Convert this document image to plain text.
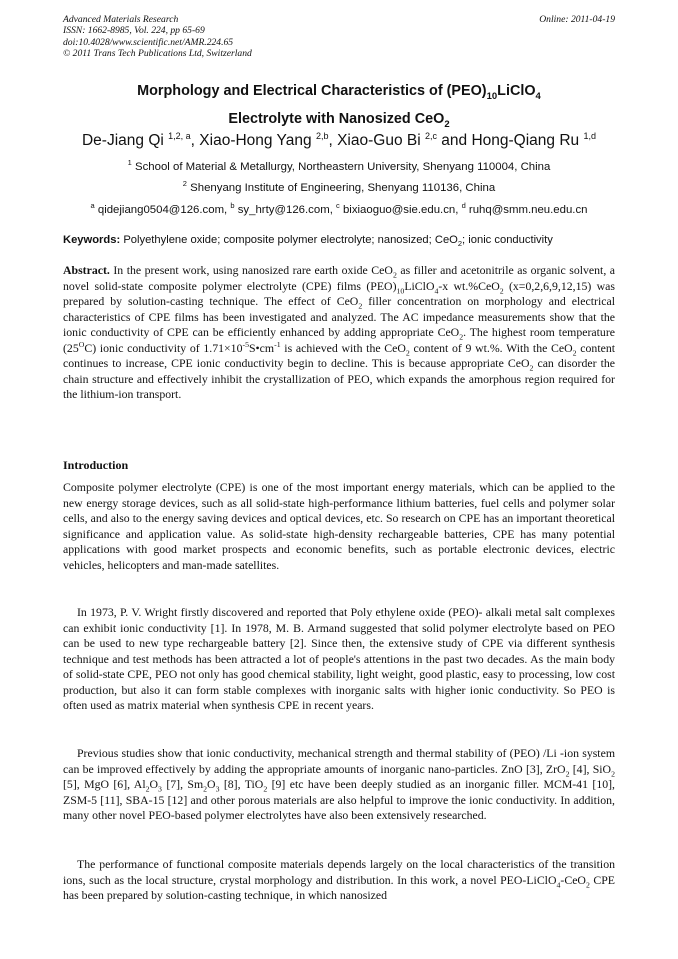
Advanced Materials Research
ISSN: 1662-8985, Vol. 224, pp 65-69
doi:10.4028/www.scientific.net/AMR.224.65
© 2011 Trans Tech Publications Ltd, Switzerland
Online: 2011-04-19
Morphology and Electrical Characteristics of $(PEO)_{10}LiClO_4$
Electrolyte with Nanosized CeO$_2$
De-Jiang Qi $^{1,2, a}$, Xiao-Hong Yang $^{2,b}$, Xiao-Guo Bi $^{2,c}$ and Hong-Qiang Ru $^{1,d}$
$^1$ School of Material & Metallurgy, Northeastern University, Shenyang 110004, China
$^2$ Shenyang Institute of Engineering, Shenyang 110136, China
$^a$ qidejiang0504@126.com, $^b$ sy_hrty@126.com, $^c$ bixiaoguo@sie.edu.cn, $^d$ ruhq@smm.neu.edu.cn
Keywords: Polyethylene oxide; composite polymer electrolyte; nanosized; CeO$_2$; ionic conductivity
Abstract. In the present work, using nanosized rare earth oxide CeO$_2$ as filler and acetonitrile as organic solvent, a novel solid-state composite polymer electrolyte (CPE) films $(PEO)_{10}LiClO_4-x$ wt.%CeO$_2$ (x=0,2,6,9,12,15) was prepared by solution-casting technique. The effect of CeO$_2$ filler concentration on morphology and electrical characteristics of CPE films has been investigated and analyzed. The AC impedance measurements show that the ionic conductivity of CPE can be efficiently enhanced by adding appropriate CeO$_2$. The highest room temperature $(25^OC)$ ionic conductivity of $1.71\times 10^{-5}S•cm^{-1}$ is achieved with the CeO$_2$ content of 9 wt.%. With the CeO$_2$ content continues to increase, CPE ionic conductivity begin to decline. This is because appropriate CeO$_2$ can disorder the chain structure and effectively inhibit the crystallization of PEO, which expands the amorphous region required for the lithium-ion transport.
Introduction
Composite polymer electrolyte (CPE) is one of the most important energy materials, which can be applied to the new energy storage devices, such as all solid-state high-performance lithium batteries, fuel cells and polymer solar cells, and also to the energy saving devices and optical devices, etc. So research on CPE has an important theoretical significance and application value. As solid-state high-density rechargeable batteries, CPE has many potential applications with good market prospects and economic benefits, such as portable electronic devices, electric vehicles, helicopters and man-made satellites.
In 1973, P. V. Wright firstly discovered and reported that Poly ethylene oxide (PEO)- alkali metal salt complexes can exhibit ionic conductivity [1]. In 1978, M. B. Armand suggested that solid polymer electrolyte based on PEO can be used to new type rechargeable battery [2]. Since then, the extensive study of CPE via different synthesis technique and test methods has been attracted a lot of people's attentions in the past two decades. As the main body of solid-state CPE, PEO not only has good chemical stability, light weight, good plastic, easy to processing, low cost production, but also it can form stable complexes with inorganic salts with higher ionic conductivity. So PEO is often used as matrix material when synthesis CPE in recent years.
Previous studies show that ionic conductivity, mechanical strength and thermal stability of (PEO) /Li -ion system can be improved effectively by adding the appropriate amounts of inorganic nano-particles. ZnO [3], ZrO$_2$ [4], SiO$_2$ [5], MgO [6], $Al_2O_3$ [7], $Sm_2O_3$ [8], TiO$_2$ [9] etc have been deeply studied as an inorganic filler. MCM-41 [10], ZSM-5 [11], SBA-15 [12] and other porous materials are also helpful to improve the ionic conductivity. In addition, many other novel PEO-based polymer electrolytes have also been extensively researched.
The performance of functional composite materials depends largely on the local characteristics of the transition ions, such as the local structure, crystal morphology and distribution. In this work, a novel PEO-LiClO$_4$-CeO$_2$ CPE has been prepared by solution-casting technique, in which nanosized
